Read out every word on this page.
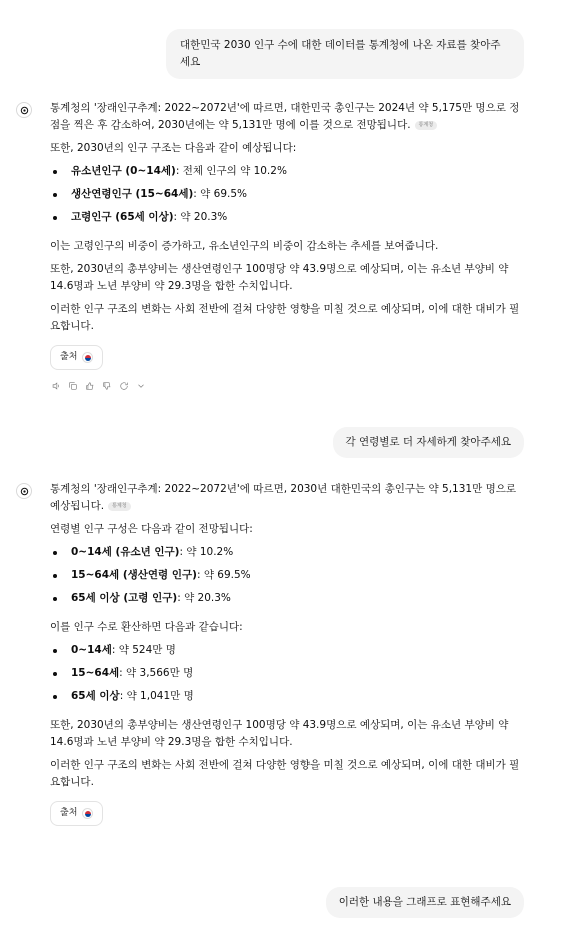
대한민국 2030 인구 수에 대한 데이터를 통계청에 나온 자료를 찾아주세요

통계청의 '장래인구추계: 2022~2072년'에 따르면, 대한민국 총인구는 2024년 약 5,175만 명으로 정점을 찍은 후 감소하여, 2030년에는 약 5,131만 명에 이를 것으로 전망됩니다. 통계청

또한, 2030년의 인구 구조는 다음과 같이 예상됩니다:

유소년인구 (0~14세): 전체 인구의 약 10.2%
생산연령인구 (15~64세): 약 69.5%
고령인구 (65세 이상): 약 20.3%

이는 고령인구의 비중이 증가하고, 유소년인구의 비중이 감소하는 추세를 보여줍니다.

또한, 2030년의 총부양비는 생산연령인구 100명당 약 43.9명으로 예상되며, 이는 유소년 부양비 약 14.6명과 노년 부양비 약 29.3명을 합한 수치입니다.

이러한 인구 구조의 변화는 사회 전반에 걸쳐 다양한 영향을 미칠 것으로 예상되며, 이에 대한 대비가 필요합니다.

출처
각 연령별로 더 자세하게 찾아주세요

통계청의 '장래인구추계: 2022~2072년'에 따르면, 2030년 대한민국의 총인구는 약 5,131만 명으로 예상됩니다. 통계청

연령별 인구 구성은 다음과 같이 전망됩니다:

0~14세 (유소년 인구): 약 10.2%
15~64세 (생산연령 인구): 약 69.5%
65세 이상 (고령 인구): 약 20.3%

이를 인구 수로 환산하면 다음과 같습니다:

0~14세: 약 524만 명
15~64세: 약 3,566만 명
65세 이상: 약 1,041만 명

또한, 2030년의 총부양비는 생산연령인구 100명당 약 43.9명으로 예상되며, 이는 유소년 부양비 약 14.6명과 노년 부양비 약 29.3명을 합한 수치입니다.

이러한 인구 구조의 변화는 사회 전반에 걸쳐 다양한 영향을 미칠 것으로 예상되며, 이에 대한 대비가 필요합니다.

출처
이러한 내용을 그래프로 표현해주세요
